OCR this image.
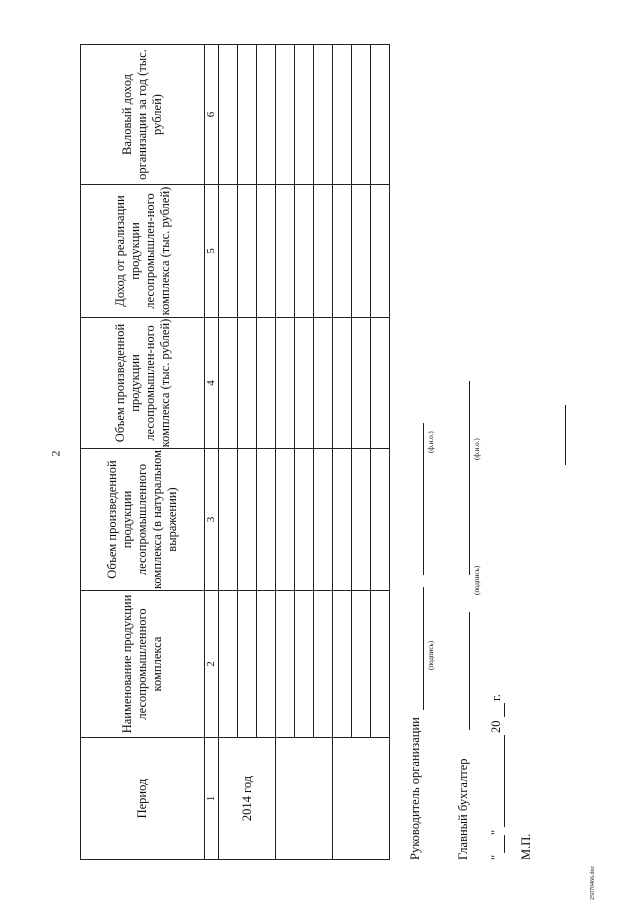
2
Период	Наименование продукции лесопромышленного комплекса	Объем произведенной продукции лесопромышленного комплекса (в натуральном выражении)	Объем произведенной продукции лесопромышлен-ного комплекса (тыс. рублей)	Доход от реализации продукции лесопромышлен-ного комплекса (тыс. рублей)	Валовый доход организации за год (тыс. рублей)
1	2	3	4	5	6
2014 год					

					Руководитель организации
(подпись)
(ф.и.о.)
Главный бухгалтер
(подпись)
(ф.и.о.)
"
"
20
г.
М.П.
25070466.doc
